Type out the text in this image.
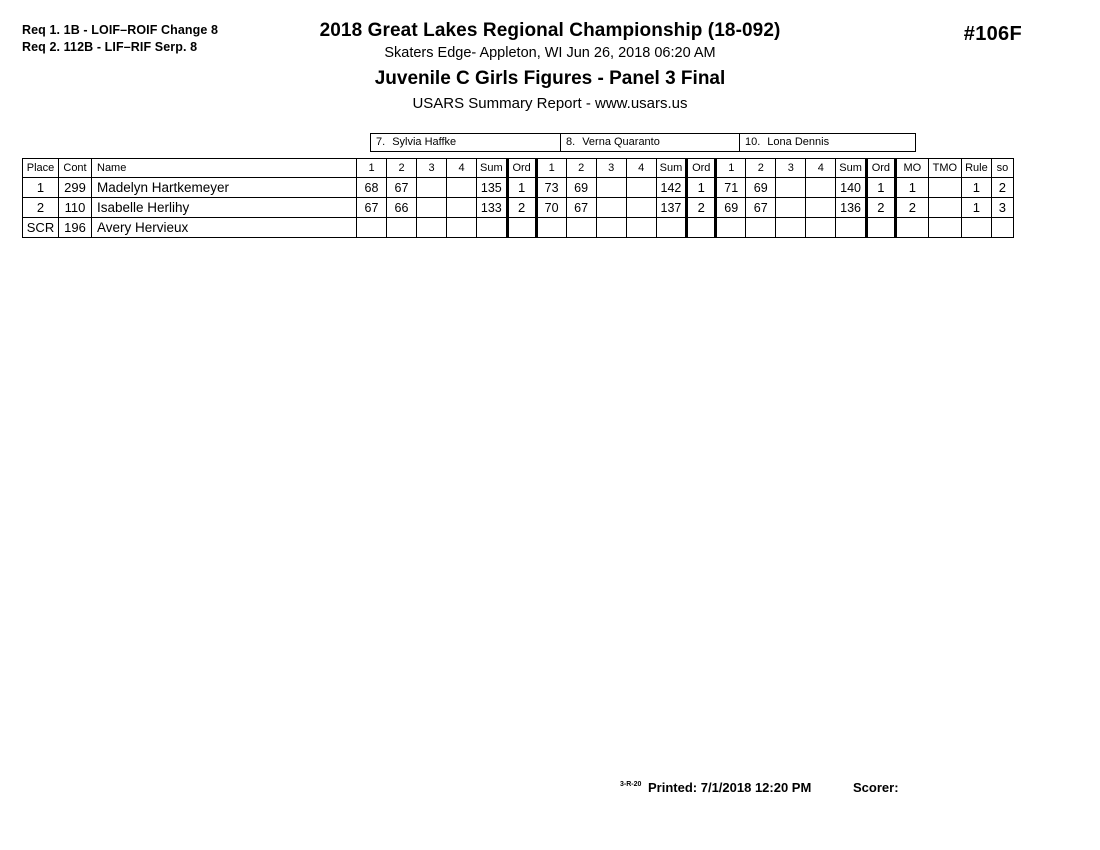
Req 1. 1B - LOIF–ROIF Change 8
Req 2. 112B - LIF–RIF Serp. 8
2018 Great Lakes Regional Championship (18-092)
Skaters Edge- Appleton, WI Jun 26, 2018 06:20 AM
Juvenile C Girls Figures - Panel 3 Final
USARS Summary Report - www.usars.us
#106F
7. Sylvia Haffke	8. Verna Quaranto	10. Lona Dennis
Place	Cont	Name	1	2	3	4	Sum	Ord	1	2	3	4	Sum	Ord	1	2	3	4	Sum	Ord	MO	TMO	Rule	so
1	299	Madelyn Hartkemeyer	68	67			135	1	73	69			142	1	71	69			140	1	1		1	2
2	110	Isabelle Herlihy	67	66			133	2	70	67			137	2	69	67			136	2	2		1	3
SCR	196	Avery Hervieux																						
3-R-20 Printed: 7/1/2018 12:20 PM	Scorer:
